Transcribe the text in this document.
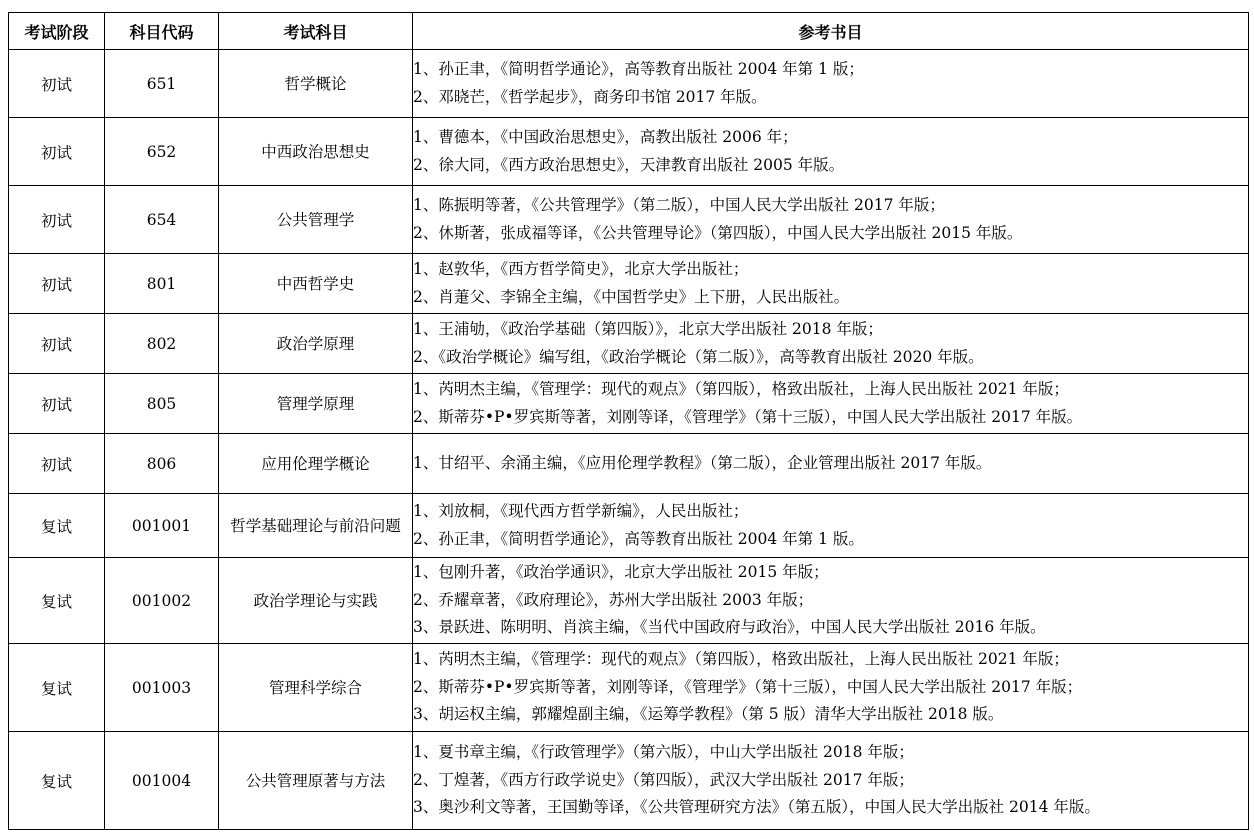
考试阶段	科目代码	考试科目	参考书目
初试	651	哲学概论	1、孙正聿，《简明哲学通论》，高等教育出版社 2004 年第 1 版；
2、邓晓芒，《哲学起步》，商务印书馆 2017 年版。

初试	652	中西政治思想史	1、曹德本，《中国政治思想史》，高教出版社 2006 年；
2、徐大同，《西方政治思想史》，天津教育出版社 2005 年版。

初试	654	公共管理学	1、陈振明等著，《公共管理学》（第二版），中国人民大学出版社 2017 年版；
2、休斯著，张成福等译，《公共管理导论》（第四版），中国人民大学出版社 2015 年版。

初试	801	中西哲学史	1、赵敦华，《西方哲学简史》，北京大学出版社；
2、肖萐父、李锦全主编，《中国哲学史》上下册，人民出版社。

初试	802	政治学原理	1、王浦劬，《政治学基础（第四版）》，北京大学出版社 2018 年版；
2、《政治学概论》编写组，《政治学概论（第二版）》，高等教育出版社 2020 年版。

初试	805	管理学原理	1、芮明杰主编，《管理学：现代的观点》（第四版），格致出版社，上海人民出版社 2021 年版；
2、斯蒂芬•P•罗宾斯等著，刘刚等译，《管理学》（第十三版），中国人民大学出版社 2017 年版。

初试	806	应用伦理学概论	1、甘绍平、余涌主编，《应用伦理学教程》（第二版），企业管理出版社 2017 年版。

复试	001001	哲学基础理论与前沿问题	1、刘放桐，《现代西方哲学新编》，人民出版社；
2、孙正聿，《简明哲学通论》，高等教育出版社 2004 年第 1 版。

复试	001002	政治学理论与实践	1、包刚升著，《政治学通识》，北京大学出版社 2015 年版；
2、乔耀章著，《政府理论》，苏州大学出版社 2003 年版；
3、景跃进、陈明明、肖滨主编，《当代中国政府与政治》，中国人民大学出版社 2016 年版。

复试	001003	管理科学综合	1、芮明杰主编，《管理学：现代的观点》（第四版），格致出版社，上海人民出版社 2021 年版；
2、斯蒂芬•P•罗宾斯等著，刘刚等译，《管理学》（第十三版），中国人民大学出版社 2017 年版；
3、胡运权主编，郭耀煌副主编，《运筹学教程》（第 5 版）清华大学出版社 2018 版。

复试	001004	公共管理原著与方法	1、夏书章主编，《行政管理学》（第六版），中山大学出版社 2018 年版；
2、丁煌著，《西方行政学说史》（第四版），武汉大学出版社 2017 年版；
3、奥沙利文等著，王国勤等译，《公共管理研究方法》（第五版），中国人民大学出版社 2014 年版。
